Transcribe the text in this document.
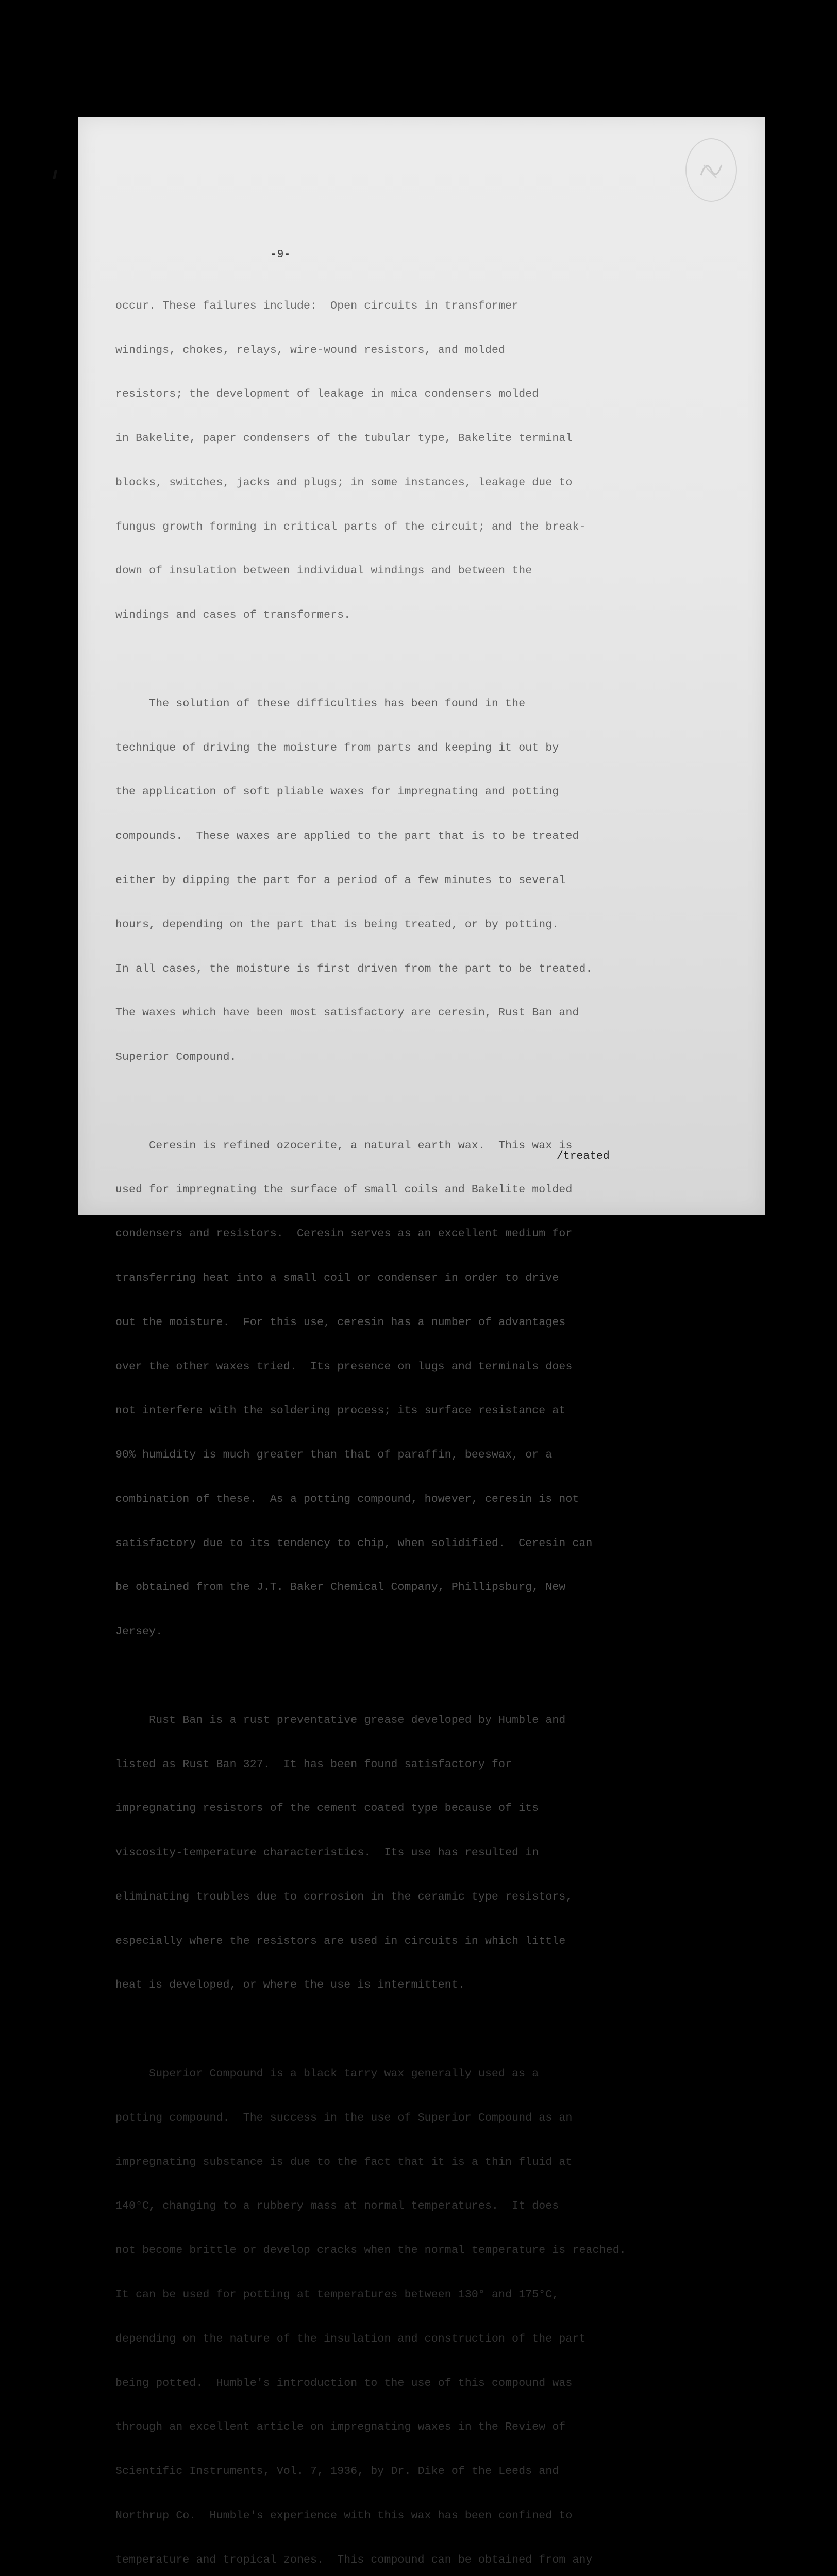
-9-

occur. These failures include:  Open circuits in transformer

windings, chokes, relays, wire-wound resistors, and molded

resistors; the development of leakage in mica condensers molded

in Bakelite, paper condensers of the tubular type, Bakelite terminal

blocks, switches, jacks and plugs; in some instances, leakage due to

fungus growth forming in critical parts of the circuit; and the break-

down of insulation between individual windings and between the

windings and cases of transformers.

The solution of these difficulties has been found in the

technique of driving the moisture from parts and keeping it out by

the application of soft pliable waxes for impregnating and potting

compounds.  These waxes are applied to the part that is to be treated

either by dipping the part for a period of a few minutes to several

hours, depending on the part that is being treated, or by potting.

In all cases, the moisture is first driven from the part to be treated.

The waxes which have been most satisfactory are ceresin, Rust Ban and

Superior Compound.

Ceresin is refined ozocerite, a natural earth wax.  This wax is

used for impregnating the surface of small coils and Bakelite molded

condensers and resistors.  Ceresin serves as an excellent medium for

transferring heat into a small coil or condenser in order to drive

out the moisture.  For this use, ceresin has a number of advantages

over the other waxes tried.  Its presence on lugs and terminals does

not interfere with the soldering process; its surface resistance at

90% humidity is much greater than that of paraffin, beeswax, or a

combination of these.  As a potting compound, however, ceresin is not

satisfactory due to its tendency to chip, when solidified.  Ceresin can

be obtained from the J.T. Baker Chemical Company, Phillipsburg, New

Jersey.

Rust Ban is a rust preventative grease developed by Humble and

listed as Rust Ban 327.  It has been found satisfactory for

impregnating resistors of the cement coated type because of its

viscosity-temperature characteristics.  Its use has resulted in

eliminating troubles due to corrosion in the ceramic type resistors,

especially where the resistors are used in circuits in which little

heat is developed, or where the use is intermittent.

Superior Compound is a black tarry wax generally used as a

potting compound.  The success in the use of Superior Compound as an

impregnating substance is due to the fact that it is a thin fluid at

140°C, changing to a rubbery mass at normal temperatures.  It does

not become brittle or develop cracks when the normal temperature is reached.

It can be used for potting at temperatures between 130° and 175°C,

depending on the nature of the insulation and construction of the part

being potted.  Humble's introduction to the use of this compound was

through an excellent article on impregnating waxes in the Review of

Scientific Instruments, Vol. 7, 1936, by Dr. Dike of the Leeds and

Northrup Co.  Humble's experience with this wax has been confined to

temperature and tropical zones.  This compound can be obtained from any

/treated
